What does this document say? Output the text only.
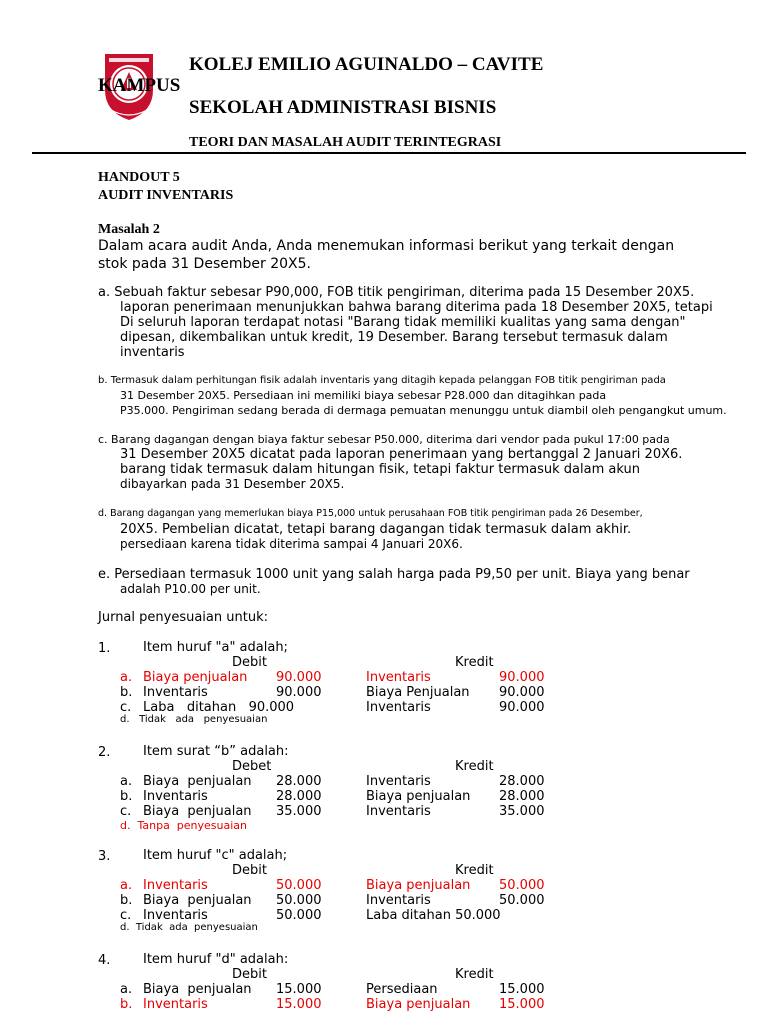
KOLEJ EMILIO AGUINALDO – CAVITE
KAMPUS
SEKOLAH ADMINISTRASI BISNIS
TEORI DAN MASALAH AUDIT TERINTEGRASI
HANDOUT 5
AUDIT INVENTARIS
Masalah 2
Dalam acara audit Anda, Anda menemukan informasi berikut yang terkait dengan
stok pada 31 Desember 20X5.
a. Sebuah faktur sebesar P90,000, FOB titik pengiriman, diterima pada 15 Desember 20X5.
laporan penerimaan menunjukkan bahwa barang diterima pada 18 Desember 20X5, tetapi
Di seluruh laporan terdapat notasi "Barang tidak memiliki kualitas yang sama dengan"
dipesan, dikembalikan untuk kredit, 19 Desember. Barang tersebut termasuk dalam
inventaris
b. Termasuk dalam perhitungan fisik adalah inventaris yang ditagih kepada pelanggan FOB titik pengiriman pada
31 Desember 20X5. Persediaan ini memiliki biaya sebesar P28.000 dan ditagihkan pada
P35.000. Pengiriman sedang berada di dermaga pemuatan menunggu untuk diambil oleh pengangkut umum.
c. Barang dagangan dengan biaya faktur sebesar P50.000, diterima dari vendor pada pukul 17:00 pada
31 Desember 20X5 dicatat pada laporan penerimaan yang bertanggal 2 Januari 20X6.
barang tidak termasuk dalam hitungan fisik, tetapi faktur termasuk dalam akun
dibayarkan pada 31 Desember 20X5.
d. Barang dagangan yang memerlukan biaya P15,000 untuk perusahaan FOB titik pengiriman pada 26 Desember,
20X5. Pembelian dicatat, tetapi barang dagangan tidak termasuk dalam akhir.
persediaan karena tidak diterima sampai 4 Januari 20X6.
e. Persediaan termasuk 1000 unit yang salah harga pada P9,50 per unit. Biaya yang benar
adalah P10.00 per unit.
Jurnal penyesuaian untuk:
1.	Item huruf "a" adalah;
Debit	Kredit
a. Biaya penjualan 90.000	Inventaris	90.000
b. Inventaris	90.000	Biaya Penjualan 90.000
c. Laba   ditahan   90.000	Inventaris	90.000
d.   Tidak   ada   penyesuaian
2.	Item surat “b” adalah:
Debet	Kredit
a. Biaya  penjualan 28.000	Inventaris	28.000
b. Inventaris	28.000	Biaya penjualan 28.000
c. Biaya  penjualan 35.000	Inventaris	35.000
d.  Tanpa  penyesuaian
3.	Item huruf "c" adalah;
Debit	Kredit
a. Inventaris	50.000	Biaya penjualan 50.000
b. Biaya  penjualan 50.000	Inventaris	50.000
c. Inventaris	50.000	Laba ditahan 50.000
d.  Tidak  ada  penyesuaian
4.	Item huruf "d" adalah:
Debit	Kredit
a. Biaya  penjualan 15.000	Persediaan	15.000
b. Inventaris	15.000	Biaya penjualan 15.000
